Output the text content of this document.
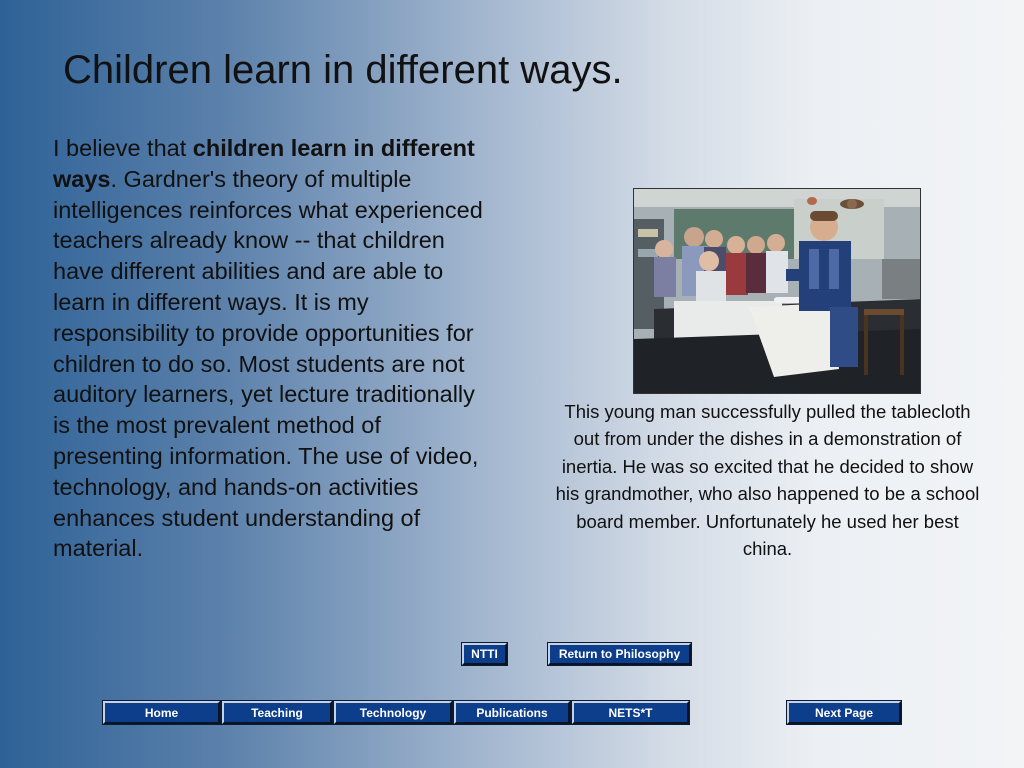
Children learn in different ways.

I believe that children learn in different ways. Gardner's theory of multiple intelligences reinforces what experienced teachers already know -- that children have different abilities and are able to learn in different ways. It is my responsibility to provide opportunities for children to do so. Most students are not auditory learners, yet lecture traditionally is the most prevalent method of presenting information. The use of video, technology, and hands-on activities enhances student understanding of material.

This young man successfully pulled the tablecloth out from under the dishes in a demonstration of inertia. He was so excited that he decided to show his grandmother, who also happened to be a school board member. Unfortunately he used her best china.

NTTI	Return to Philosophy
Home	Teaching	Technology	Publications	NETS*T	Next Page
